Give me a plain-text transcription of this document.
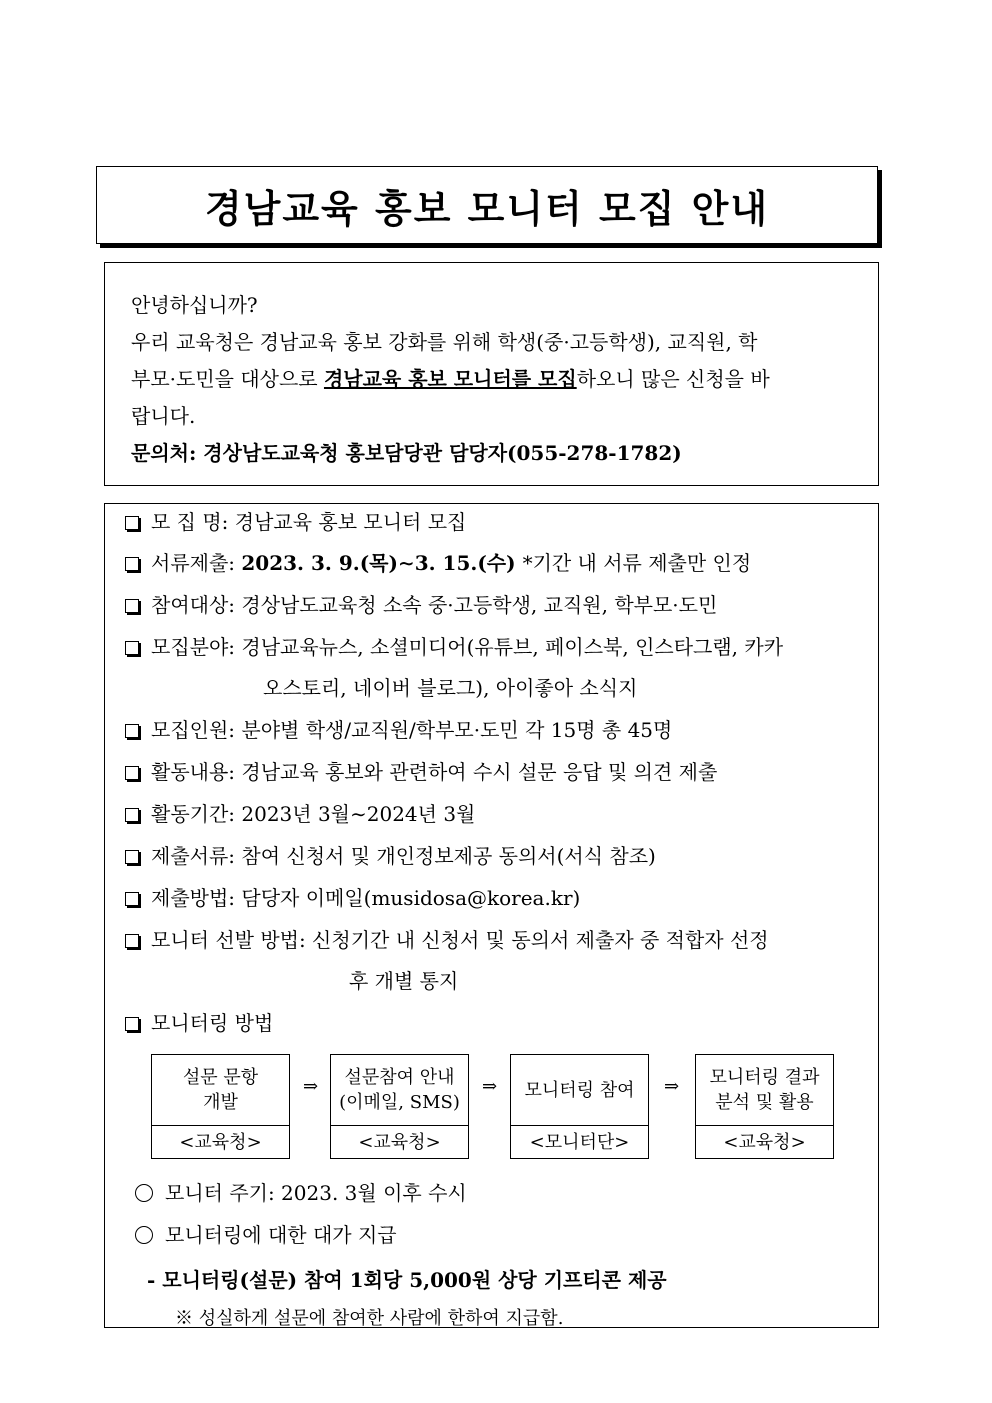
경남교육 홍보 모니터 모집 안내

안녕하십니까?

우리 교육청은 경남교육 홍보 강화를 위해 학생(중·고등학생), 교직원, 학

부모·도민을 대상으로 경남교육 홍보 모니터를 모집하오니 많은 신청을 바

랍니다.

문의처: 경상남도교육청 홍보담당관 담당자(055-278-1782)

모 집 명: 경남교육 홍보 모니터 모집
서류제출: 2023. 3. 9.(목)∼3. 15.(수) *기간 내 서류 제출만 인정
참여대상: 경상남도교육청 소속 중·고등학생, 교직원, 학부모·도민
모집분야: 경남교육뉴스, 소셜미디어(유튜브, 페이스북, 인스타그램, 카카
오스토리, 네이버 블로그), 아이좋아 소식지
모집인원: 분야별 학생/교직원/학부모·도민 각 15명 총 45명
활동내용: 경남교육 홍보와 관련하여 수시 설문 응답 및 의견 제출
활동기간: 2023년 3월∼2024년 3월
제출서류: 참여 신청서 및 개인정보제공 동의서(서식 참조)
제출방법: 담당자 이메일(musidosa@korea.kr)
모니터 선발 방법: 신청기간 내 신청서 및 동의서 제출자 중 적합자 선정
후 개별 통지
모니터링 방법
설문 문항
개발
<교육청>
⇒ 설문참여 안내
(이메일, SMS)
<교육청>
⇒ 모니터링 참여
<모니터단>
⇒ 모니터링 결과
분석 및 활용
<교육청>
모니터 주기: 2023. 3월 이후 수시
모니터링에 대한 대가 지급
- 모니터링(설문) 참여 1회당 5,000원 상당 기프티콘 제공
※ 성실하게 설문에 참여한 사람에 한하여 지급함.
